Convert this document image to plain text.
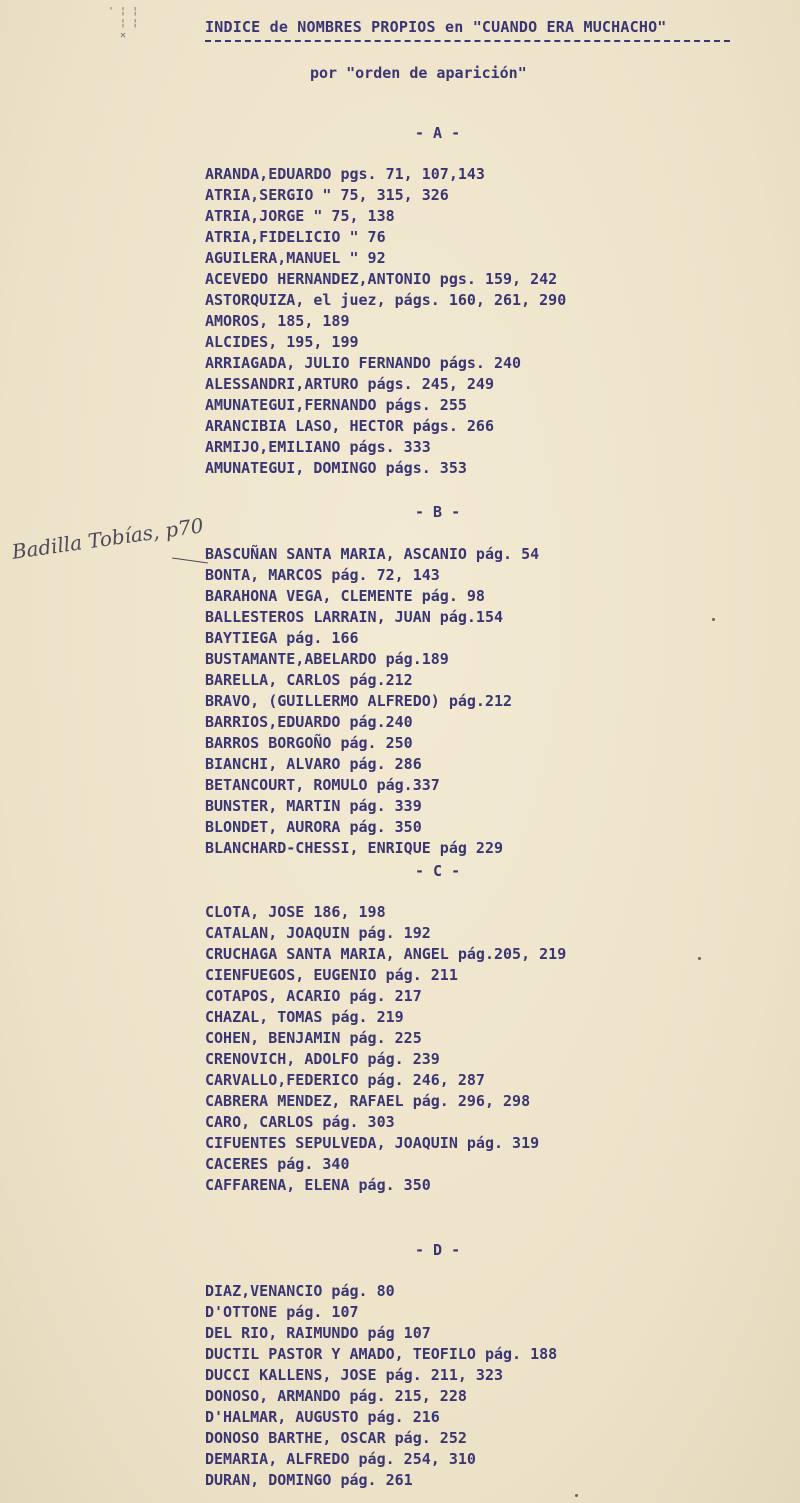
' ¦ ¦
¦ ¦
✕	INDICE de NOMBRES PROPIOS en "CUANDO ERA MUCHACHO"
por "orden de aparición"
- A -
ARANDA,EDUARDO pgs. 71, 107,143
ATRIA,SERGIO " 75, 315, 326
ATRIA,JORGE " 75, 138
ATRIA,FIDELICIO " 76
AGUILERA,MANUEL " 92
ACEVEDO HERNANDEZ,ANTONIO pgs. 159, 242
ASTORQUIZA, el juez, págs. 160, 261, 290
AMOROS, 185, 189
ALCIDES, 195, 199
ARRIAGADA, JULIO FERNANDO págs. 240
ALESSANDRI,ARTURO págs. 245, 249
AMUNATEGUI,FERNANDO págs. 255
ARANCIBIA LASO, HECTOR págs. 266
ARMIJO,EMILIANO págs. 333
AMUNATEGUI, DOMINGO págs. 353
- B -
Badilla Tobías, p70 BASCUÑAN SANTA MARIA, ASCANIO pág. 54
BONTA, MARCOS pág. 72, 143
BARAHONA VEGA, CLEMENTE pág. 98
BALLESTEROS LARRAIN, JUAN pág.154
BAYTIEGA pág. 166
BUSTAMANTE,ABELARDO pág.189
BARELLA, CARLOS pág.212
BRAVO, (GUILLERMO ALFREDO) pág.212
BARRIOS,EDUARDO pág.240
BARROS BORGOÑO pág. 250
BIANCHI, ALVARO pág. 286
BETANCOURT, ROMULO pág.337
BUNSTER, MARTIN pág. 339
BLONDET, AURORA pág. 350
BLANCHARD-CHESSI, ENRIQUE pág 229
- C -
CLOTA, JOSE 186, 198
CATALAN, JOAQUIN pág. 192
CRUCHAGA SANTA MARIA, ANGEL pág.205, 219
CIENFUEGOS, EUGENIO pág. 211
COTAPOS, ACARIO pág. 217
CHAZAL, TOMAS pág. 219
COHEN, BENJAMIN pág. 225
CRENOVICH, ADOLFO pág. 239
CARVALLO,FEDERICO pág. 246, 287
CABRERA MENDEZ, RAFAEL pág. 296, 298
CARO, CARLOS pág. 303
CIFUENTES SEPULVEDA, JOAQUIN pág. 319
CACERES pág. 340
CAFFARENA, ELENA pág. 350
- D -
DIAZ,VENANCIO pág. 80
D'OTTONE pág. 107
DEL RIO, RAIMUNDO pág 107
DUCTIL PASTOR Y AMADO, TEOFILO pág. 188
DUCCI KALLENS, JOSE pág. 211, 323
DONOSO, ARMANDO pág. 215, 228
D'HALMAR, AUGUSTO pág. 216
DONOSO BARTHE, OSCAR pág. 252
DEMARIA, ALFREDO pág. 254, 310
DURAN, DOMINGO pág. 261
